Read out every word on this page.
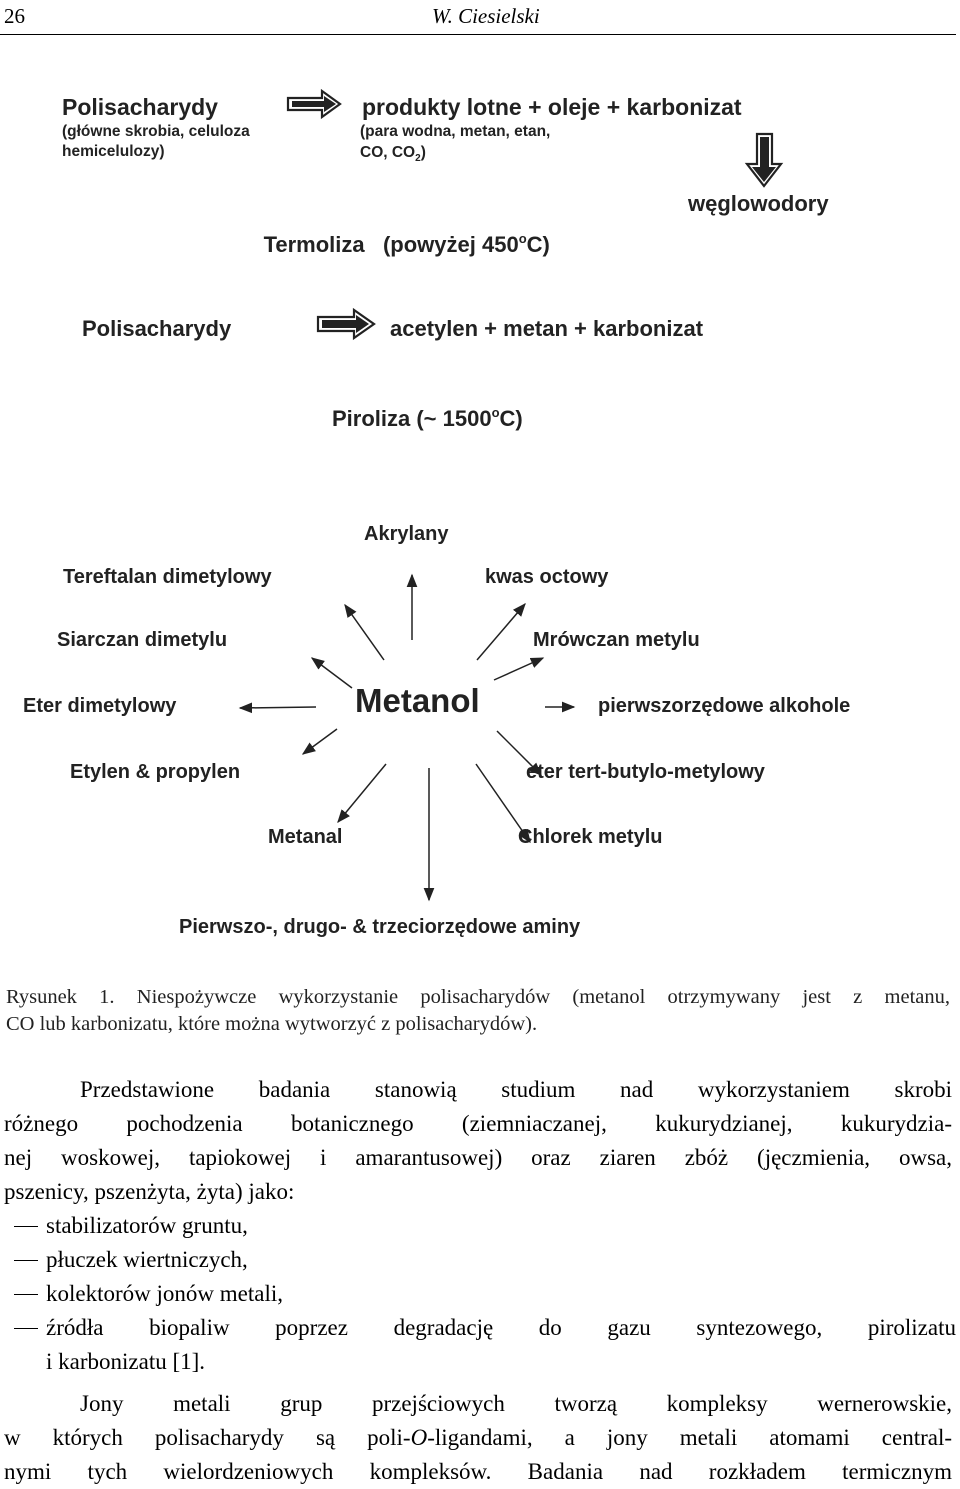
26	W. Ciesielski
Polisacharydy
(główne skrobia, celuloza
hemicelulozy)
produkty lotne + oleje + karbonizat
(para wodna, metan, etan,
CO, $CO_2$)
węglowodory
Termoliza   (powyżej 450$^o$C)
Polisacharydy	acetylen + metan + karbonizat
Piroliza (~ 1500$^o$C)
Metanol
Akrylany
Tereftalan dimetylowy	kwas octowy
Siarczan dimetylu	Mrówczan metylu
Eter dimetylowy	pierwszorzędowe alkohole
Etylen & propylen	eter tert-butylo-metylowy
Metanal	Chlorek metylu
Pierwszo-, drugo- & trzeciorzędowe aminy
Rysunek 1. Niespożywcze wykorzystanie polisacharydów (metanol otrzymywany jest z metanu,
CO lub karbonizatu, które można wytworzyć z polisacharydów).
Przedstawione badania stanowią studium nad wykorzystaniem skrobi
różnego pochodzenia botanicznego (ziemniaczanej, kukurydzianej, kukurydzia-
nej woskowej, tapiokowej i amarantusowej) oraz ziaren zbóż (jęczmienia, owsa,
pszenicy, pszenżyta, żyta) jako:
stabilizatorów gruntu,
płuczek wiertniczych,
kolektorów jonów metali,
źródła biopaliw poprzez degradację do gazu syntezowego, pirolizatu
i karbonizatu [1].
Jony metali grup przejściowych tworzą kompleksy wernerowskie,
w których polisacharydy są poli-O-ligandami, a jony metali atomami central-
nymi tych wielordzeniowych kompleksów. Badania nad rozkładem termicznym
